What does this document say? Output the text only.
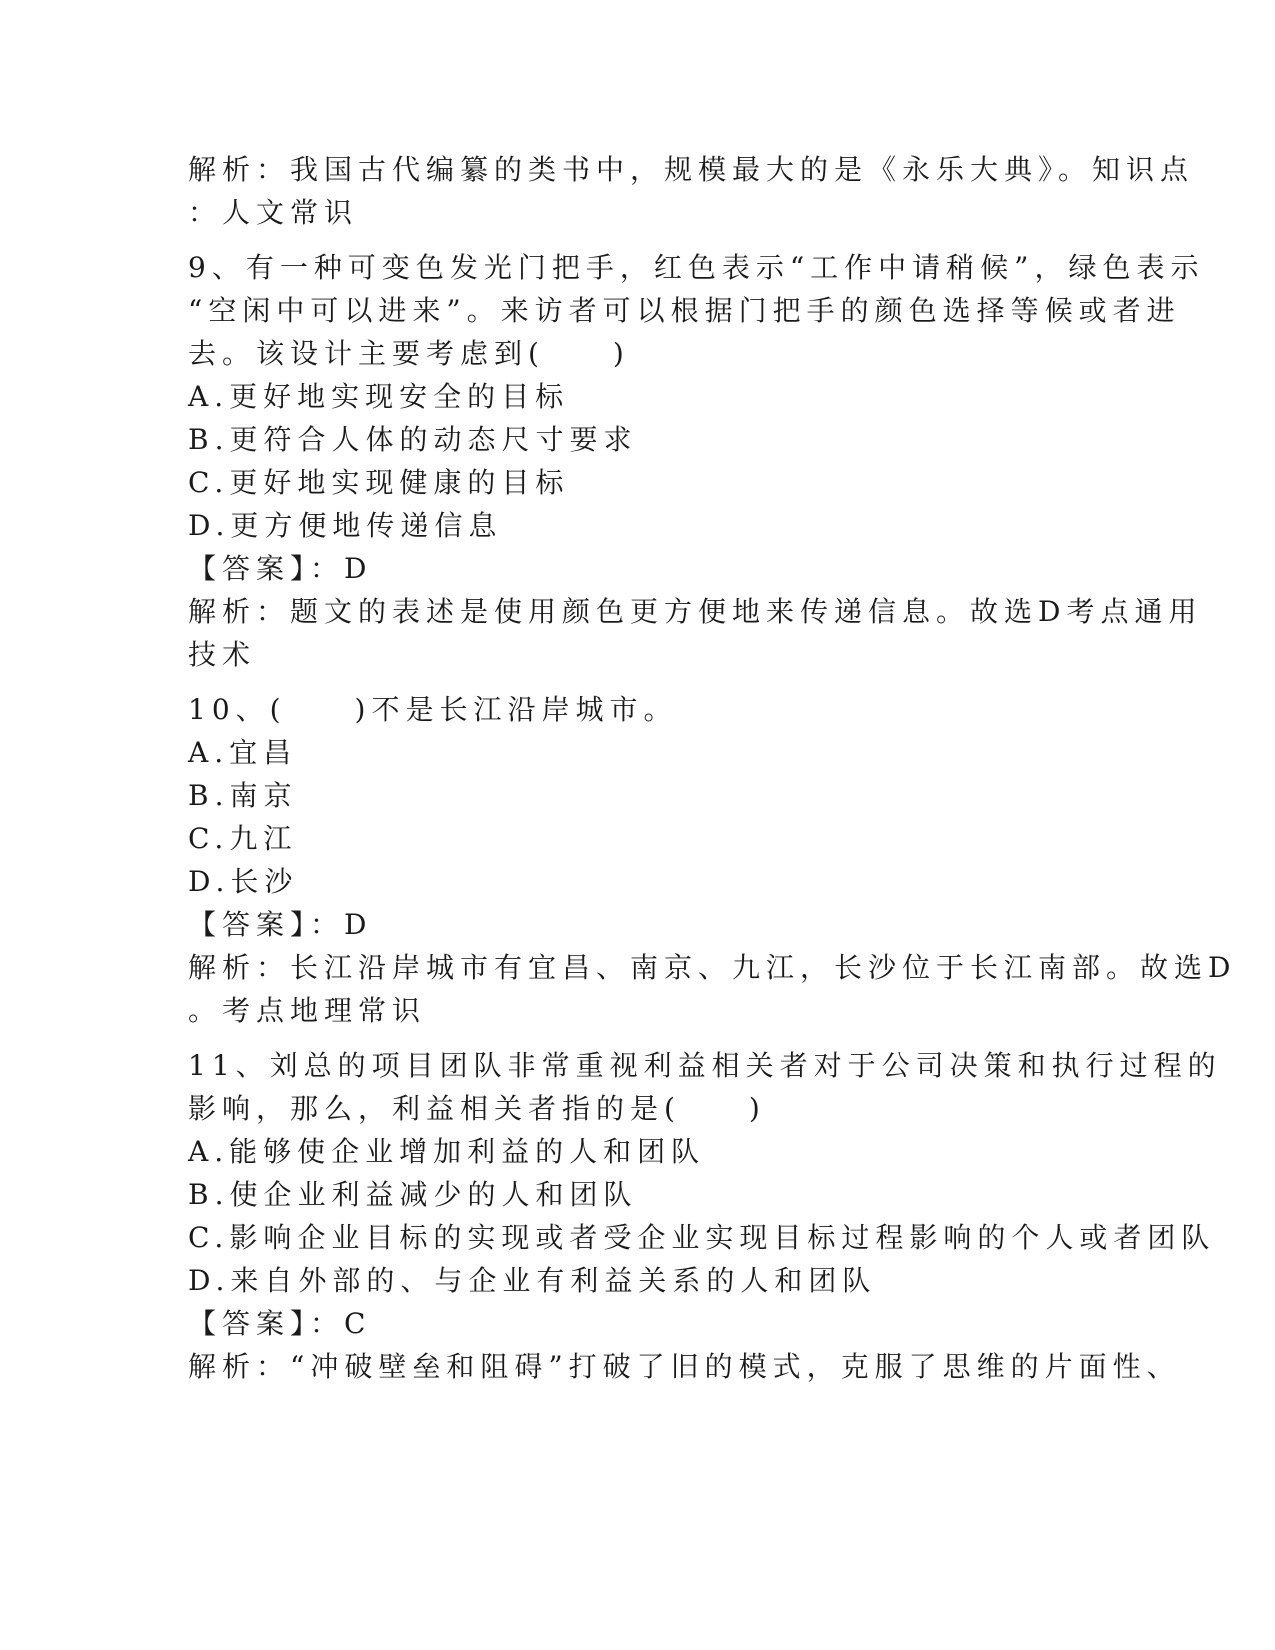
解析：我国古代编纂的类书中，规模最大的是《永乐大典》。知识点
：人文常识
9、有一种可变色发光门把手，红色表示“工作中请稍候”，绿色表示
“空闲中可以进来”。来访者可以根据门把手的颜色选择等候或者进
去。该设计主要考虑到(　　)
A.更好地实现安全的目标
B.更符合人体的动态尺寸要求
C.更好地实现健康的目标
D.更方便地传递信息
【答案】：D
解析：题文的表述是使用颜色更方便地来传递信息。故选D考点通用
技术
10、(　　)不是长江沿岸城市。
A.宜昌
B.南京
C.九江
D.长沙
【答案】：D
解析：长江沿岸城市有宜昌、南京、九江，长沙位于长江南部。故选D
。考点地理常识
11、刘总的项目团队非常重视利益相关者对于公司决策和执行过程的
影响，那么，利益相关者指的是(　　)
A.能够使企业增加利益的人和团队
B.使企业利益减少的人和团队
C.影响企业目标的实现或者受企业实现目标过程影响的个人或者团队
D.来自外部的、与企业有利益关系的人和团队
【答案】：C
解析：“冲破壁垒和阻碍”打破了旧的模式，克服了思维的片面性、
